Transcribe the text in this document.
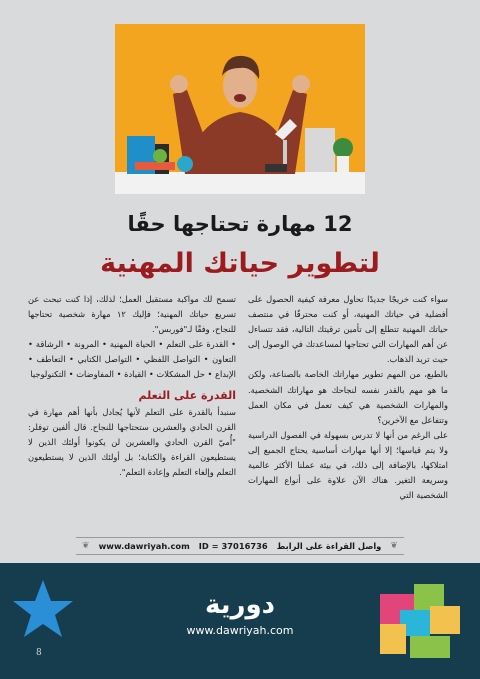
12 مهارة تحتاجها حقًا
لتطوير حياتك المهنية

سواء كنت خريجًا جديدًا تحاول معرفة كيفية الحصول على أفضلية في حياتك المهنية، أو كنت محترفًا في منتصف حياتك المهنية تتطلع إلى تأمين ترقيتك التالية، فقد تتساءل عن أهم المهارات التي تحتاجها لمساعدتك في الوصول إلى حيث تريد الذهاب.

بالطبع، من المهم تطوير مهاراتك الخاصة بالصناعة، ولكن ما هو مهم بالقدر نفسه لنجاحك هو مهاراتك الشخصية. والمهارات الشخصية هي كيف تعمل في مكان العمل وتتفاعل مع الآخرين؟

على الرغم من أنها لا تدرس بسهولة في الفصول الدراسية ولا يتم قياسها؛ إلا أنها مهارات أساسية يحتاج الجميع إلى امتلاكها، بالإضافة إلى ذلك، في بيئة عملنا الأكثر عالمية وسريعة التغير. هناك الآن علاوة على أنواع المهارات الشخصية التي

تسمح لك مواكبة مستقبل العمل؛ لذلك، إذا كنت تبحث عن تسريع حياتك المهنية؛ فإليك ١٢ مهارة شخصية تحتاجها للنجاح، وفقًا لـ"فوربس".

• القدرة على التعلم • الحياة المهنية • المرونة • الرشاقة • التعاون • التواصل اللفظي • التواصل الكتابي • التعاطف • الإبداع • حل المشكلات • القيادة • المفاوضات • التكنولوجيا
القدرة على التعلم

سنبدأ بالقدرة على التعلم لأنها يُجادل بأنها أهم مهارة في القرن الحادي والعشرين ستحتاجها للنجاح. قال ألفين توفلر: "أُميّ القرن الحادي والعشرين لن يكونوا أولئك الذين لا يستطيعون القراءة والكتابة؛ بل أولئك الذين لا يستطيعون التعلم وإلغاء التعلم وإعادة التعلم".

❦ www.dawriyah.com ID = 37016736 واصل القراءة على الرابط ❦
دورية
www.dawriyah.com
8
